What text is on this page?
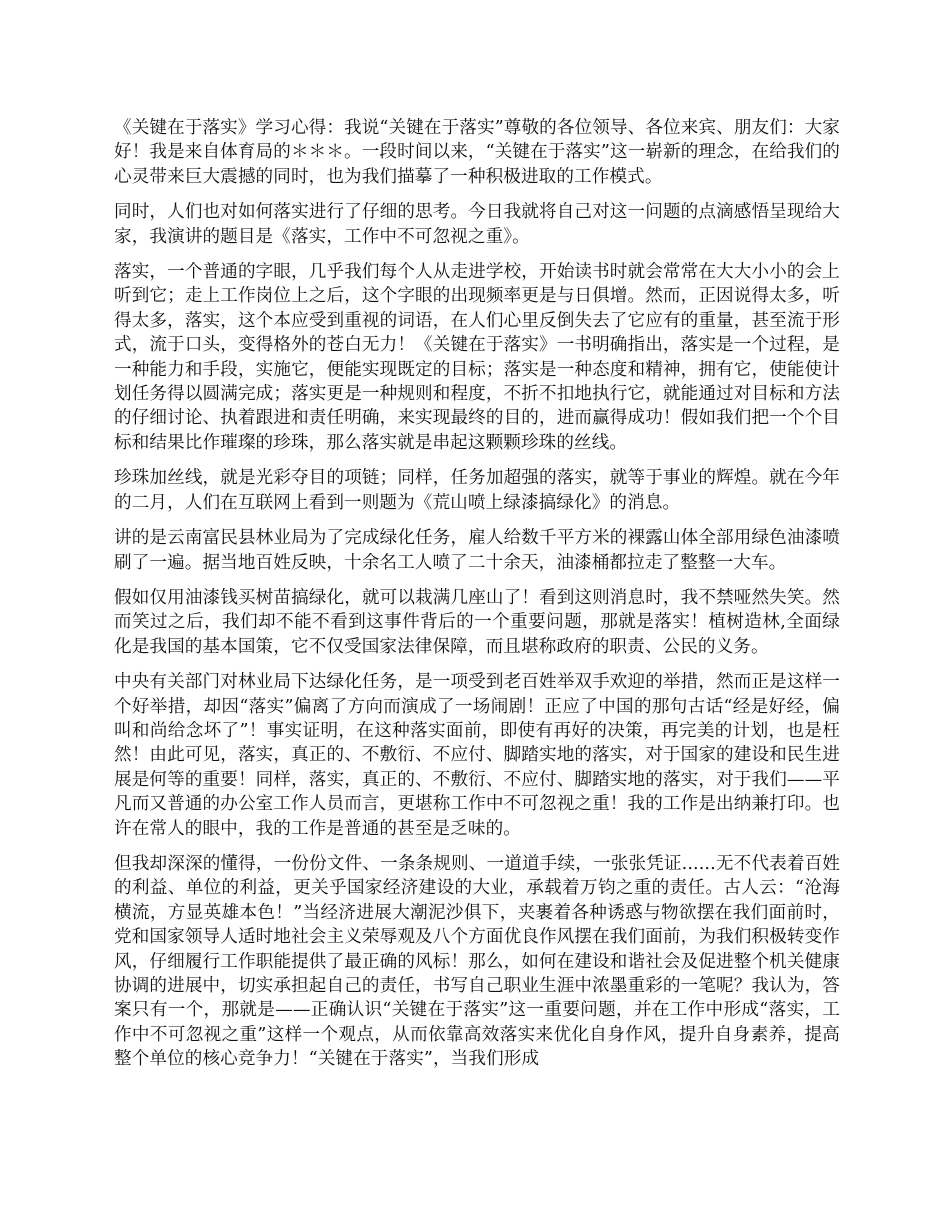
《关键在于落实》学习心得：我说“关键在于落实”尊敬的各位领导、各位来宾、朋友们：大家好！我是来自体育局的＊＊＊。一段时间以来，“关键在于落实”这一崭新的理念，在给我们的心灵带来巨大震撼的同时，也为我们描摹了一种积极进取的工作模式。

同时，人们也对如何落实进行了仔细的思考。今日我就将自己对这一问题的点滴感悟呈现给大家，我演讲的题目是《落实，工作中不可忽视之重》。

落实，一个普通的字眼，几乎我们每个人从走进学校，开始读书时就会常常在大大小小的会上听到它；走上工作岗位上之后，这个字眼的出现频率更是与日俱增。然而，正因说得太多，听得太多，落实，这个本应受到重视的词语，在人们心里反倒失去了它应有的重量，甚至流于形式，流于口头，变得格外的苍白无力！《关键在于落实》一书明确指出，落实是一个过程，是一种能力和手段，实施它，便能实现既定的目标；落实是一种态度和精神，拥有它，使能使计划任务得以圆满完成；落实更是一种规则和程度，不折不扣地执行它，就能通过对目标和方法的仔细讨论、执着跟进和责任明确，来实现最终的目的，进而赢得成功！假如我们把一个个目标和结果比作璀璨的珍珠，那么落实就是串起这颗颗珍珠的丝线。

珍珠加丝线，就是光彩夺目的项链；同样，任务加超强的落实，就等于事业的辉煌。就在今年的二月，人们在互联网上看到一则题为《荒山喷上绿漆搞绿化》的消息。

讲的是云南富民县林业局为了完成绿化任务，雇人给数千平方米的裸露山体全部用绿色油漆喷刷了一遍。据当地百姓反映，十余名工人喷了二十余天，油漆桶都拉走了整整一大车。

假如仅用油漆钱买树苗搞绿化，就可以栽满几座山了！看到这则消息时，我不禁哑然失笑。然而笑过之后，我们却不能不看到这事件背后的一个重要问题，那就是落实！植树造林,全面绿化是我国的基本国策，它不仅受国家法律保障，而且堪称政府的职责、公民的义务。

中央有关部门对林业局下达绿化任务，是一项受到老百姓举双手欢迎的举措，然而正是这样一个好举措，却因“落实”偏离了方向而演成了一场闹剧！正应了中国的那句古话“经是好经，偏叫和尚给念坏了”！事实证明，在这种落实面前，即使有再好的决策，再完美的计划，也是枉然！由此可见，落实，真正的、不敷衍、不应付、脚踏实地的落实，对于国家的建设和民生进展是何等的重要！同样，落实，真正的、不敷衍、不应付、脚踏实地的落实，对于我们——平凡而又普通的办公室工作人员而言，更堪称工作中不可忽视之重！我的工作是出纳兼打印。也许在常人的眼中，我的工作是普通的甚至是乏味的。

但我却深深的懂得，一份份文件、一条条规则、一道道手续，一张张凭证......无不代表着百姓的利益、单位的利益，更关乎国家经济建设的大业，承载着万钧之重的责任。古人云：“沧海横流，方显英雄本色！”当经济进展大潮泥沙俱下，夹裹着各种诱惑与物欲摆在我们面前时，党和国家领导人适时地社会主义荣辱观及八个方面优良作风摆在我们面前，为我们积极转变作风，仔细履行工作职能提供了最正确的风标！那么，如何在建设和谐社会及促进整个机关健康协调的进展中，切实承担起自己的责任，书写自己职业生涯中浓墨重彩的一笔呢？我认为，答案只有一个，那就是——正确认识“关键在于落实”这一重要问题，并在工作中形成“落实，工作中不可忽视之重”这样一个观点，从而依靠高效落实来优化自身作风，提升自身素养，提高整个单位的核心竞争力！“关键在于落实”，当我们形成
